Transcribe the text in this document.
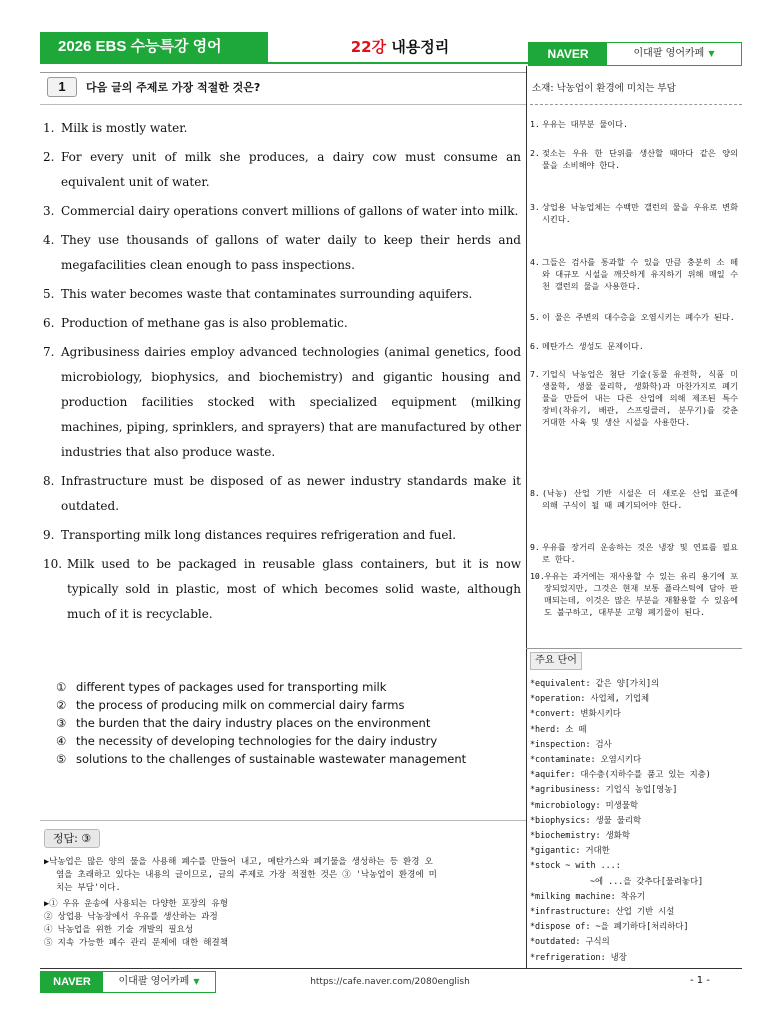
2026 EBS 수능특강 영어	22강 내용정리	NAVER	이대팔 영어카페 ▼
1	다음 글의 주제로 가장 적절한 것은?
1. Milk is mostly water.
2. For every unit of milk she produces, a dairy cow must consume an equivalent unit of water.
3. Commercial dairy operations convert millions of gallons of water into milk.
4. They use thousands of gallons of water daily to keep their herds and megafacilities clean enough to pass inspections.
5. This water becomes waste that contaminates surrounding aquifers.
6. Production of methane gas is also problematic.
7. Agribusiness dairies employ advanced technologies (animal genetics, food microbiology, biophysics, and biochemistry) and gigantic housing and production facilities stocked with specialized equipment (milking machines, piping, sprinklers, and sprayers) that are manufactured by other industries that also produce waste.
8. Infrastructure must be disposed of as newer industry standards make it outdated.
9. Transporting milk long distances requires refrigeration and fuel.
10. Milk used to be packaged in reusable glass containers, but it is now typically sold in plastic, most of which becomes solid waste, although much of it is recyclable.
① different types of packages used for transporting milk
② the process of producing milk on commercial dairy farms
③ the burden that the dairy industry places on the environment
④ the necessity of developing technologies for the dairy industry
⑤ solutions to the challenges of sustainable wastewater management
정답: ③
▶낙농업은 많은 양의 물을 사용해 폐수를 만들어 내고, 메탄가스와 폐기물을 생성하는 등 환경 오
염을 초래하고 있다는 내용의 글이므로, 글의 주제로 가장 적절한 것은 ③ '낙농업이 환경에 미
치는 부담'이다.
▶① 우유 운송에 사용되는 다양한 포장의 유형
② 상업용 낙농장에서 우유를 생산하는 과정
④ 낙농업을 위한 기술 개발의 필요성
⑤ 지속 가능한 폐수 관리 문제에 대한 해결책
소재: 낙농업이 환경에 미치는 부담
1. 우유는 대부분 물이다.
2. 젖소는 우유 한 단위를 생산할 때마다 같은 양의 물을 소비해야 한다.
3. 상업용 낙농업체는 수백만 갤런의 물을 우유로 변화시킨다.
4. 그들은 검사를 통과할 수 있을 만큼 충분히 소 떼와 대규모 시설을 깨끗하게 유지하기 위해 매일 수천 갤런의 물을 사용한다.
5. 이 물은 주변의 대수층을 오염시키는 폐수가 된다.
6. 메탄가스 생성도 문제이다.
7. 기업식 낙농업은 첨단 기술(동물 유전학, 식품 미생물학, 생물 물리학, 생화학)과 마찬가지로 폐기물을 만들어 내는 다른 산업에 의해 제조된 특수 장비(착유기, 배관, 스프링클러, 분무기)를 갖춘 거대한 사육 및 생산 시설을 사용한다.
8. (낙농) 산업 기반 시설은 더 새로운 산업 표준에 의해 구식이 될 때 폐기되어야 한다.
9. 우유를 장거리 운송하는 것은 냉장 및 연료를 필요로 한다.
10. 우유는 과거에는 재사용할 수 있는 유리 용기에 포장되었지만, 그것은 현재 보통 플라스틱에 담아 판매되는데, 이것은 많은 부분을 재활용할 수 있음에도 불구하고, 대부분 고형 폐기물이 된다.
주요 단어
*equivalent: 같은 양[가치]의
*operation: 사업체, 기업체
*convert: 변화시키다
*herd: 소 떼
*inspection: 검사
*contaminate: 오염시키다
*aquifer: 대수층(지하수를 품고 있는 지층)
*agribusiness: 기업식 농업[영농]
*microbiology: 미생물학
*biophysics: 생물 물리학
*biochemistry: 생화학
*gigantic: 거대한
*stock ~ with ...:
~에 ...을 갖추다[물려놓다]
*milking machine: 착유기
*infrastructure: 산업 기반 시설
*dispose of: ~을 폐기하다[처리하다]
*outdated: 구식의
*refrigeration: 냉장
NAVER	이대팔 영어카페 ▼	https://cafe.naver.com/2080english	- 1 -
